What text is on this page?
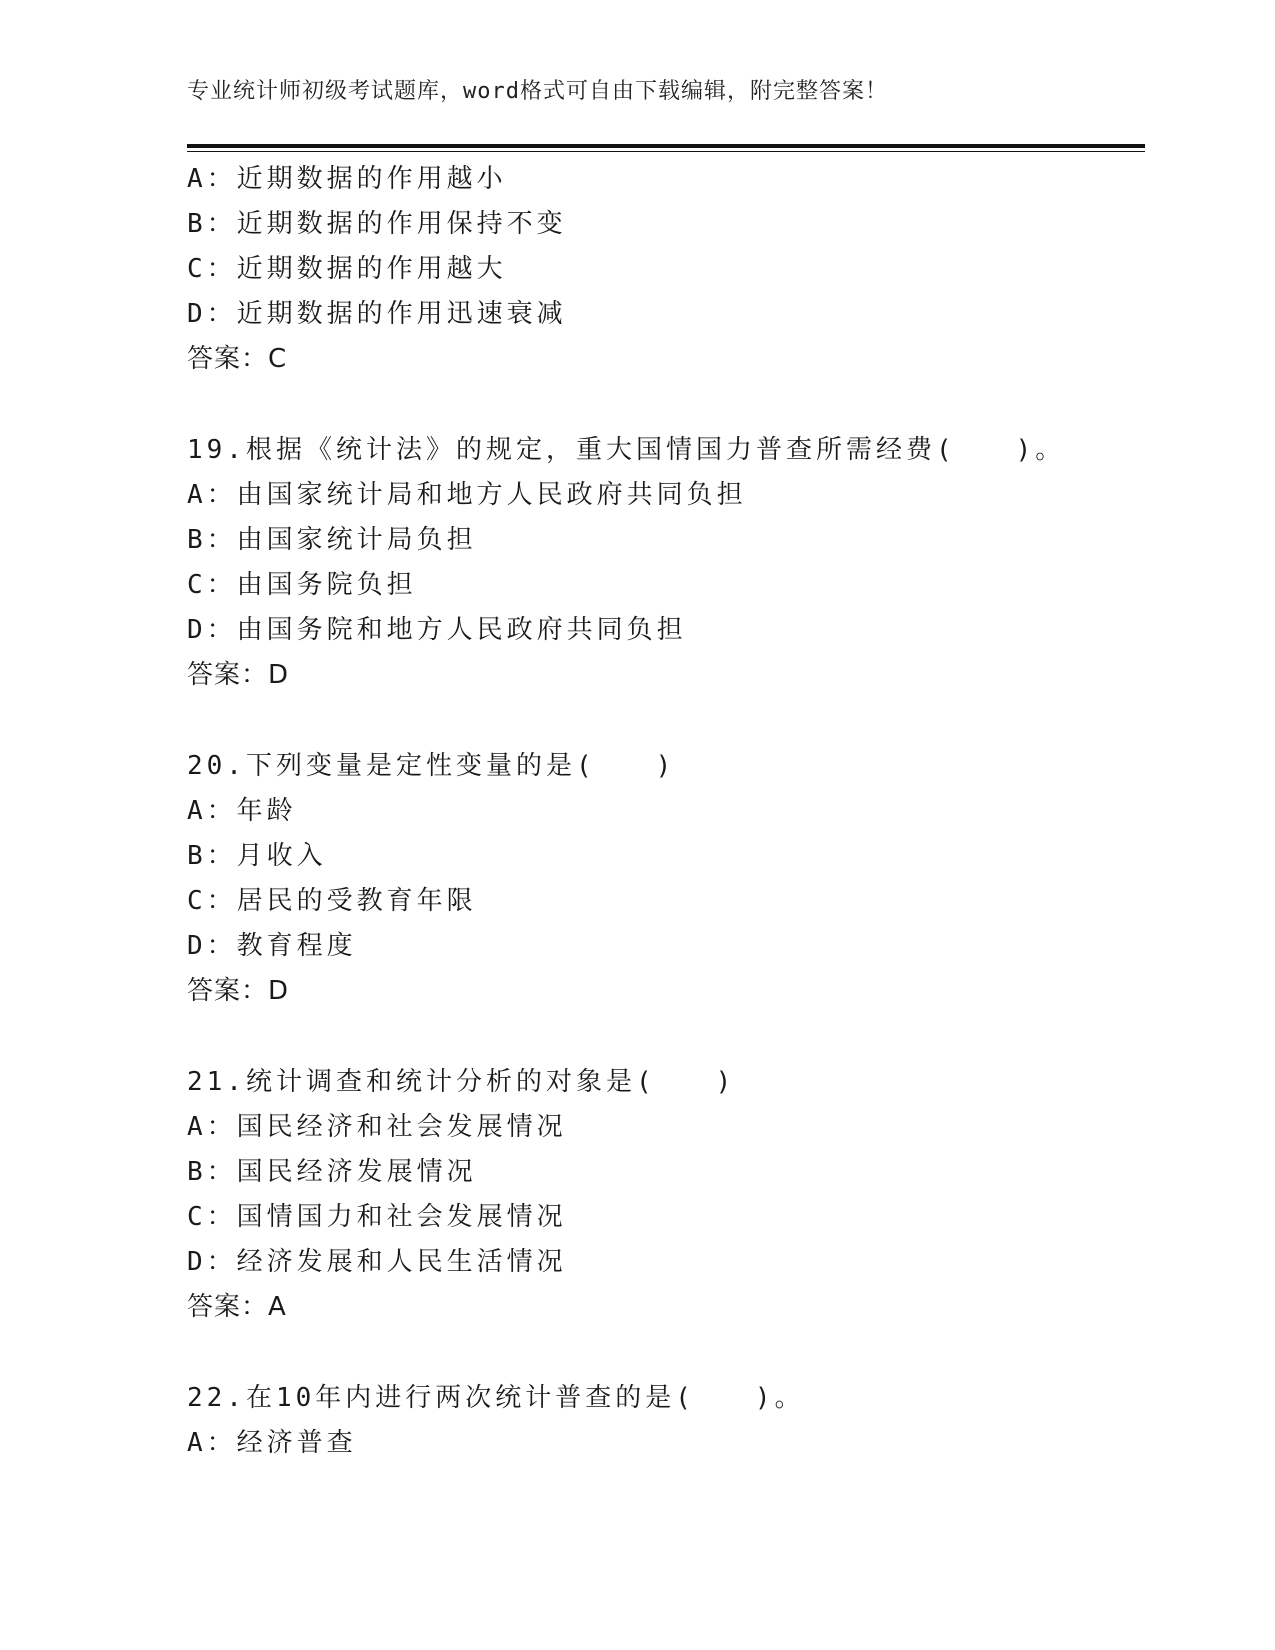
专业统计师初级考试题库，word格式可自由下载编辑，附完整答案！
A：近期数据的作用越小
B：近期数据的作用保持不变
C：近期数据的作用越大
D：近期数据的作用迅速衰减
答案：C
19.根据《统计法》的规定，重大国情国力普查所需经费(　　)。
A：由国家统计局和地方人民政府共同负担
B：由国家统计局负担
C：由国务院负担
D：由国务院和地方人民政府共同负担
答案：D
20.下列变量是定性变量的是(　　)
A：年龄
B：月收入
C：居民的受教育年限
D：教育程度
答案：D
21.统计调查和统计分析的对象是(　　)
A：国民经济和社会发展情况
B：国民经济发展情况
C：国情国力和社会发展情况
D：经济发展和人民生活情况
答案：A
22.在10年内进行两次统计普查的是(　　)。
A：经济普查
